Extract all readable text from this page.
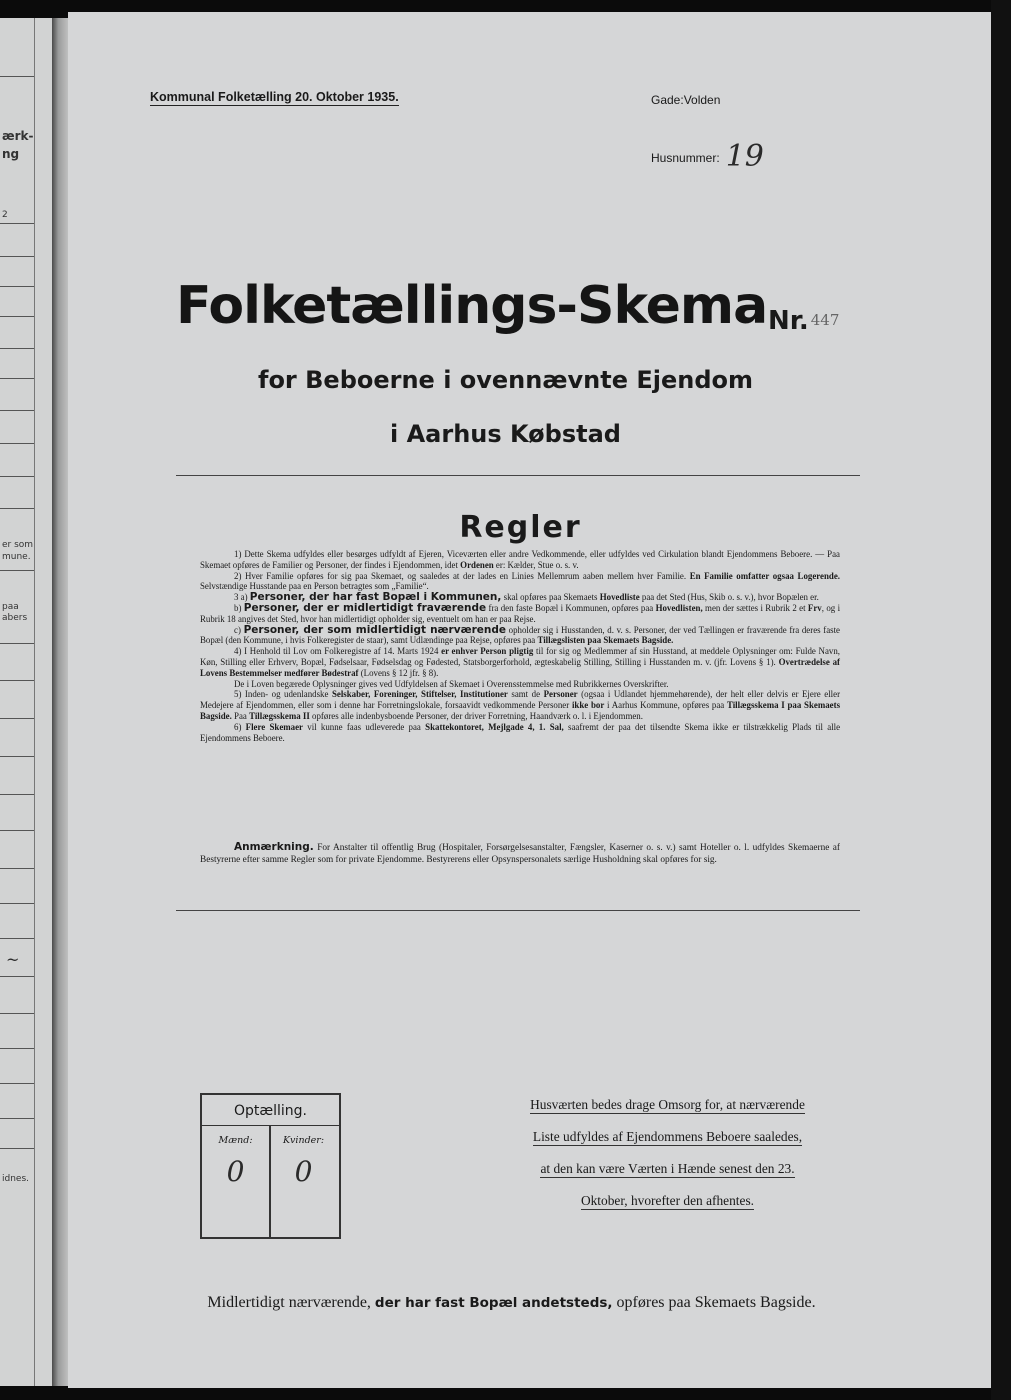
ærk-
ng
2
er som
mune.
paa
abers
~
idnes.
Kommunal Folketælling 20. Oktober 1935.	Gade:Volden
Husnummer: 19
Folketællings-Skema Nr. 447
for Beboerne i ovennævnte Ejendom
i Aarhus Købstad
Regler

1) Dette Skema udfyldes eller besørges udfyldt af Ejeren, Viceværten eller andre Vedkommende, eller udfyldes ved Cirkulation blandt Ejendommens Beboere. — Paa Skemaet opføres de Familier og Personer, der findes i Ejendommen, idet Ordenen er: Kælder, Stue o. s. v.

2) Hver Familie opføres for sig paa Skemaet, og saaledes at der lades en Linies Mellemrum aaben mellem hver Familie. En Familie omfatter ogsaa Logerende. Selvstændige Husstande paa en Person betragtes som „Familie“.

3 a) Personer, der har fast Bopæl i Kommunen, skal opføres paa Skemaets Hovedliste paa det Sted (Hus, Skib o. s. v.), hvor Bopælen er.

b) Personer, der er midlertidigt fraværende fra den faste Bopæl i Kommunen, opføres paa Hovedlisten, men der sættes i Rubrik 2 et Frv, og i Rubrik 18 angives det Sted, hvor han midlertidigt opholder sig, eventuelt om han er paa Rejse.

c) Personer, der som midlertidigt nærværende opholder sig i Husstanden, d. v. s. Personer, der ved Tællingen er fraværende fra deres faste Bopæl (den Kommune, i hvis Folkeregister de staar), samt Udlændinge paa Rejse, opføres paa Tillægslisten paa Skemaets Bagside.

4) I Henhold til Lov om Folkeregistre af 14. Marts 1924 er enhver Person pligtig til for sig og Medlemmer af sin Husstand, at meddele Oplysninger om: Fulde Navn, Køn, Stilling eller Erhverv, Bopæl, Fødselsaar, Fødselsdag og Fødested, Statsborgerforhold, ægteskabelig Stilling, Stilling i Husstanden m. v. (jfr. Lovens § 1). Overtrædelse af Lovens Bestemmelser medfører Bødestraf (Lovens § 12 jfr. § 8).

De i Loven begærede Oplysninger gives ved Udfyldelsen af Skemaet i Overensstemmelse med Rubrikkernes Overskrifter.

5) Inden- og udenlandske Selskaber, Foreninger, Stiftelser, Institutioner samt de Personer (ogsaa i Udlandet hjemmehørende), der helt eller delvis er Ejere eller Medejere af Ejendommen, eller som i denne har Forretningslokale, forsaavidt vedkommende Personer ikke bor i Aarhus Kommune, opføres paa Tillægsskema I paa Skemaets Bagside. Paa Tillægsskema II opføres alle indenbysboende Personer, der driver Forretning, Haandværk o. l. i Ejendommen.

6) Flere Skemaer vil kunne faas udleverede paa Skattekontoret, Mejlgade 4, 1. Sal, saafremt der paa det tilsendte Skema ikke er tilstrækkelig Plads til alle Ejendommens Beboere.

Anmærkning. For Anstalter til offentlig Brug (Hospitaler, Forsørgelsesanstalter, Fængsler, Kaserner o. s. v.) samt Hoteller o. l. udfyldes Skemaerne af Bestyrerne efter samme Regler som for private Ejendomme. Bestyrerens eller Opsynspersonalets særlige Husholdning skal opføres for sig.

Optælling.
Mænd:	Kvinder:
0	0
Husværten bedes drage Omsorg for, at nærværende
Liste udfyldes af Ejendommens Beboere saaledes,
at den kan være Værten i Hænde senest den 23.
Oktober, hvorefter den afhentes.
Midlertidigt nærværende, der har fast Bopæl andetsteds, opføres paa Skemaets Bagside.
